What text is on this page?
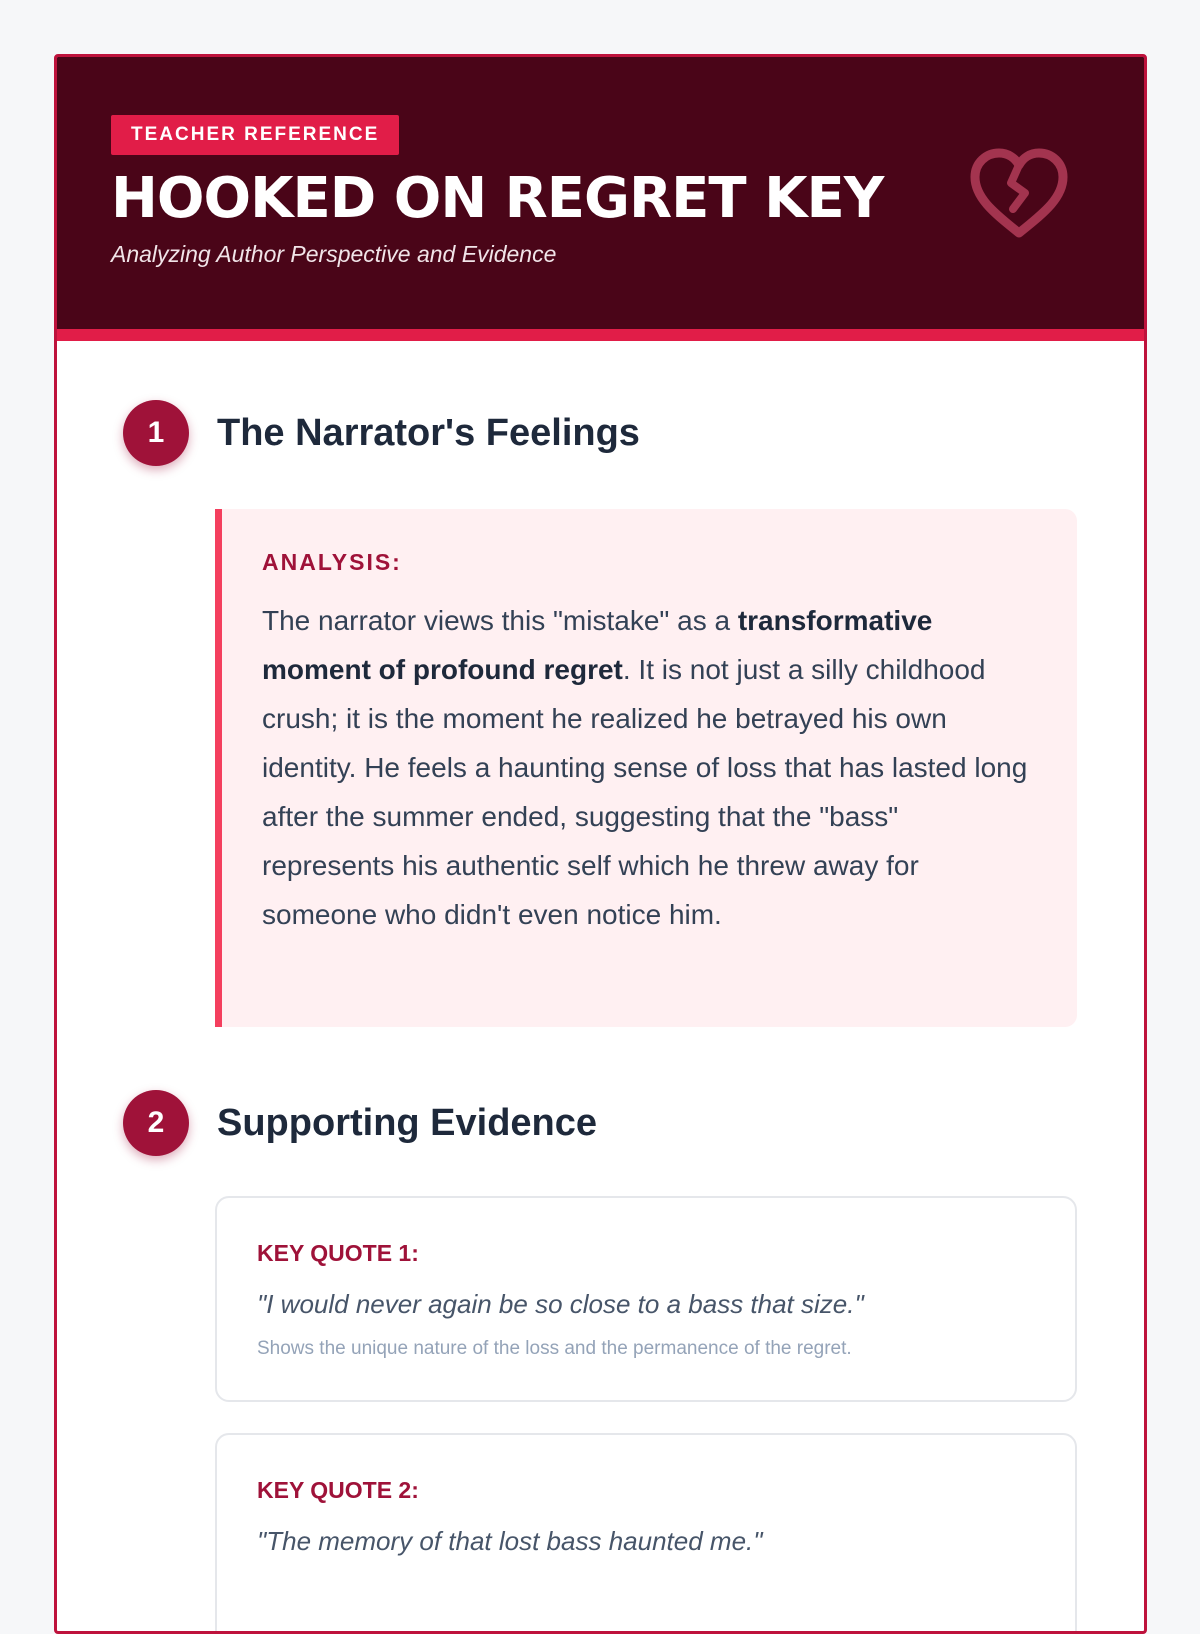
TEACHER REFERENCE
HOOKED ON REGRET KEY
Analyzing Author Perspective and Evidence
1	The Narrator's Feelings
ANALYSIS:
The narrator views this "mistake" as a transformative moment of profound regret. It is not just a silly childhood crush; it is the moment he realized he betrayed his own identity. He feels a haunting sense of loss that has lasted long after the summer ended, suggesting that the "bass" represents his authentic self which he threw away for someone who didn't even notice him.
2	Supporting Evidence
KEY QUOTE 1:
"I would never again be so close to a bass that size."
Shows the unique nature of the loss and the permanence of the regret.
KEY QUOTE 2:
"The memory of that lost bass haunted me."
